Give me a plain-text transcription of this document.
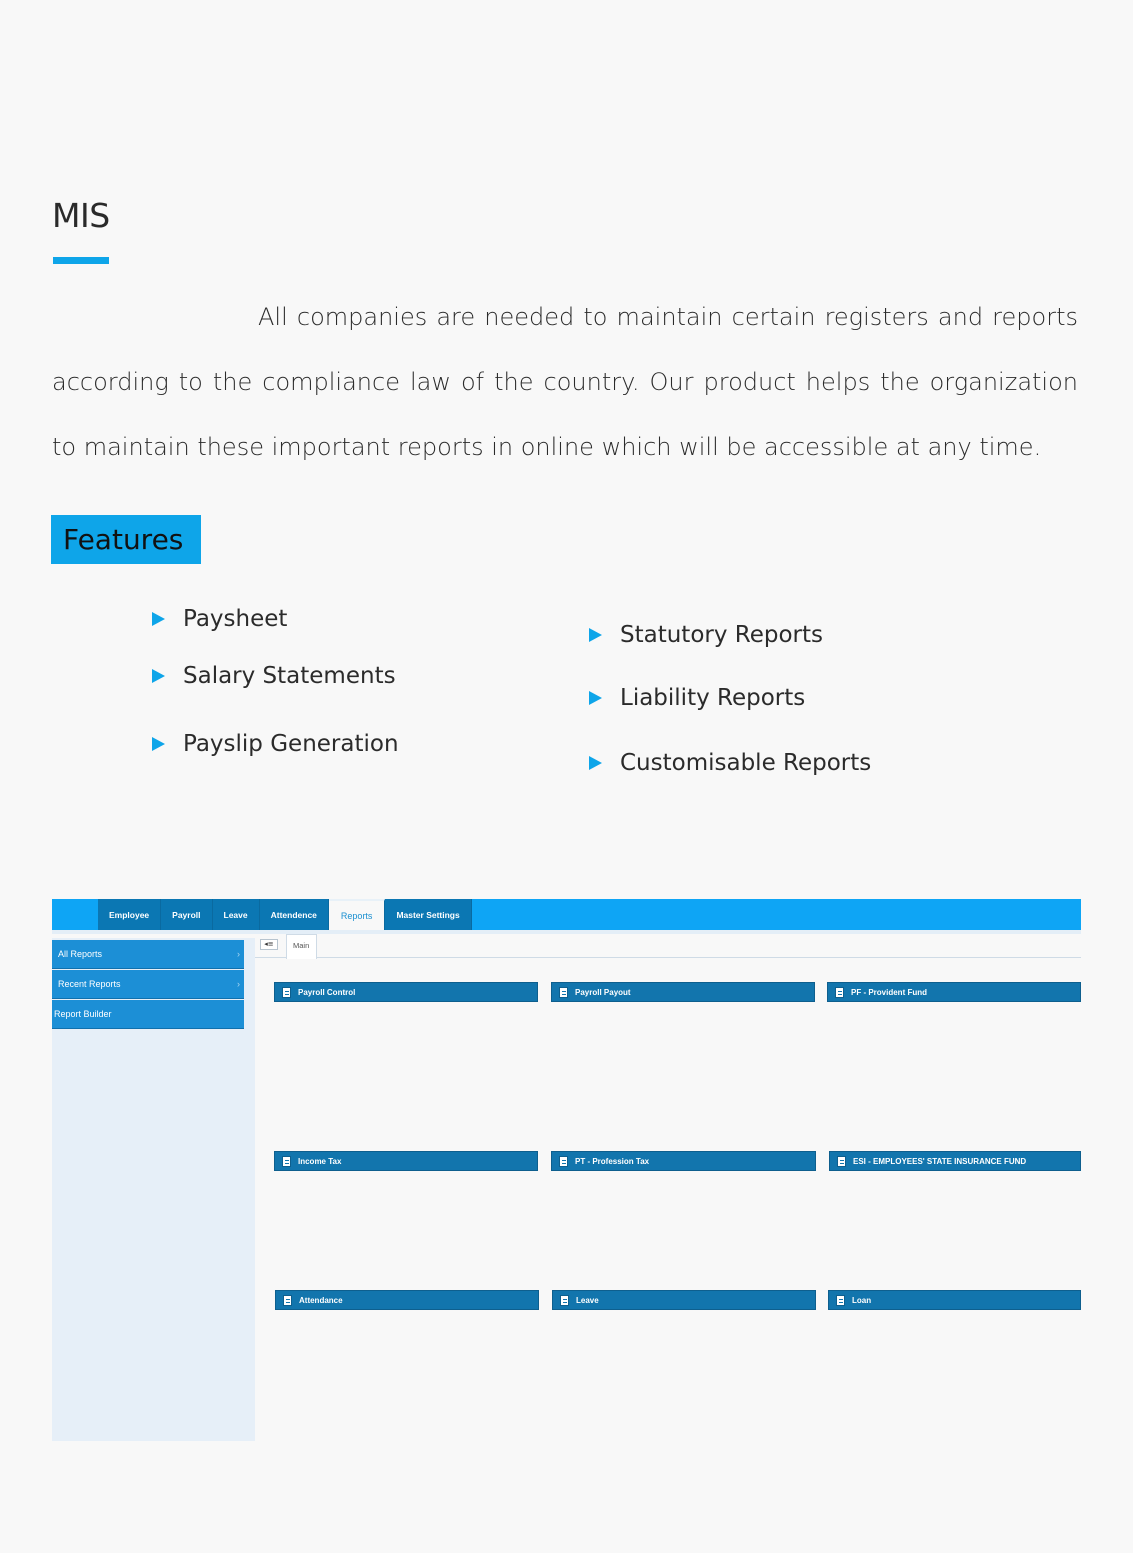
MIS

All companies are needed to maintain certain registers and reports according to the compliance law of the country. Our product helps the organization to maintain these important reports in online which will be accessible at any time.

Features
Paysheet
Salary Statements
Payslip Generation
Statutory Reports
Liability Reports
Customisable Reports
Employee	Payroll	Leave	Attendence	Reports	Master Settings
All Reports	›
Recent Reports	›
Report Builder
◂≡	Main
Payroll Control	Payroll Payout	PF - Provident Fund
Income Tax	PT - Profession Tax	ESI - EMPLOYEES' STATE INSURANCE FUND
Attendance	Leave	Loan
